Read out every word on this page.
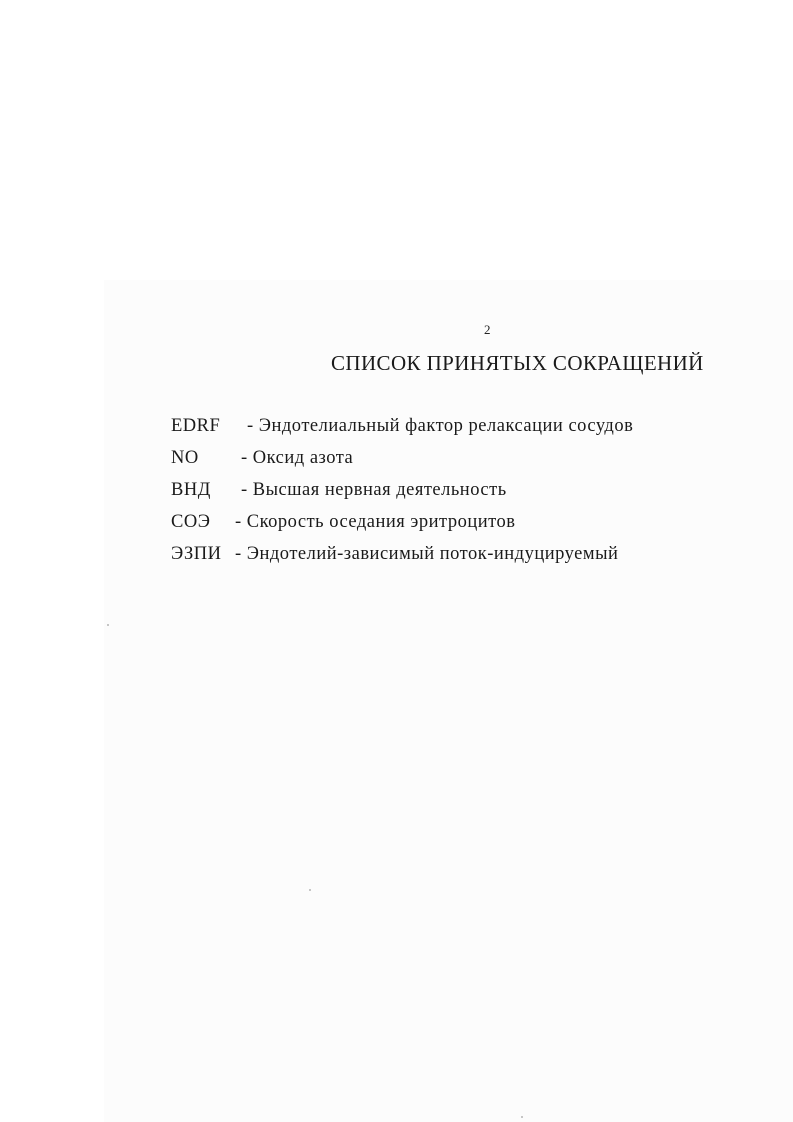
2
СПИСОК ПРИНЯТЫХ СОКРАЩЕНИЙ
EDRF - Эндотелиальный фактор релаксации сосудов
NO - Оксид азота
ВНД - Высшая нервная деятельность
СОЭ - Скорость оседания эритроцитов
ЭЗПИ - Эндотелий-зависимый поток-индуцируемый
